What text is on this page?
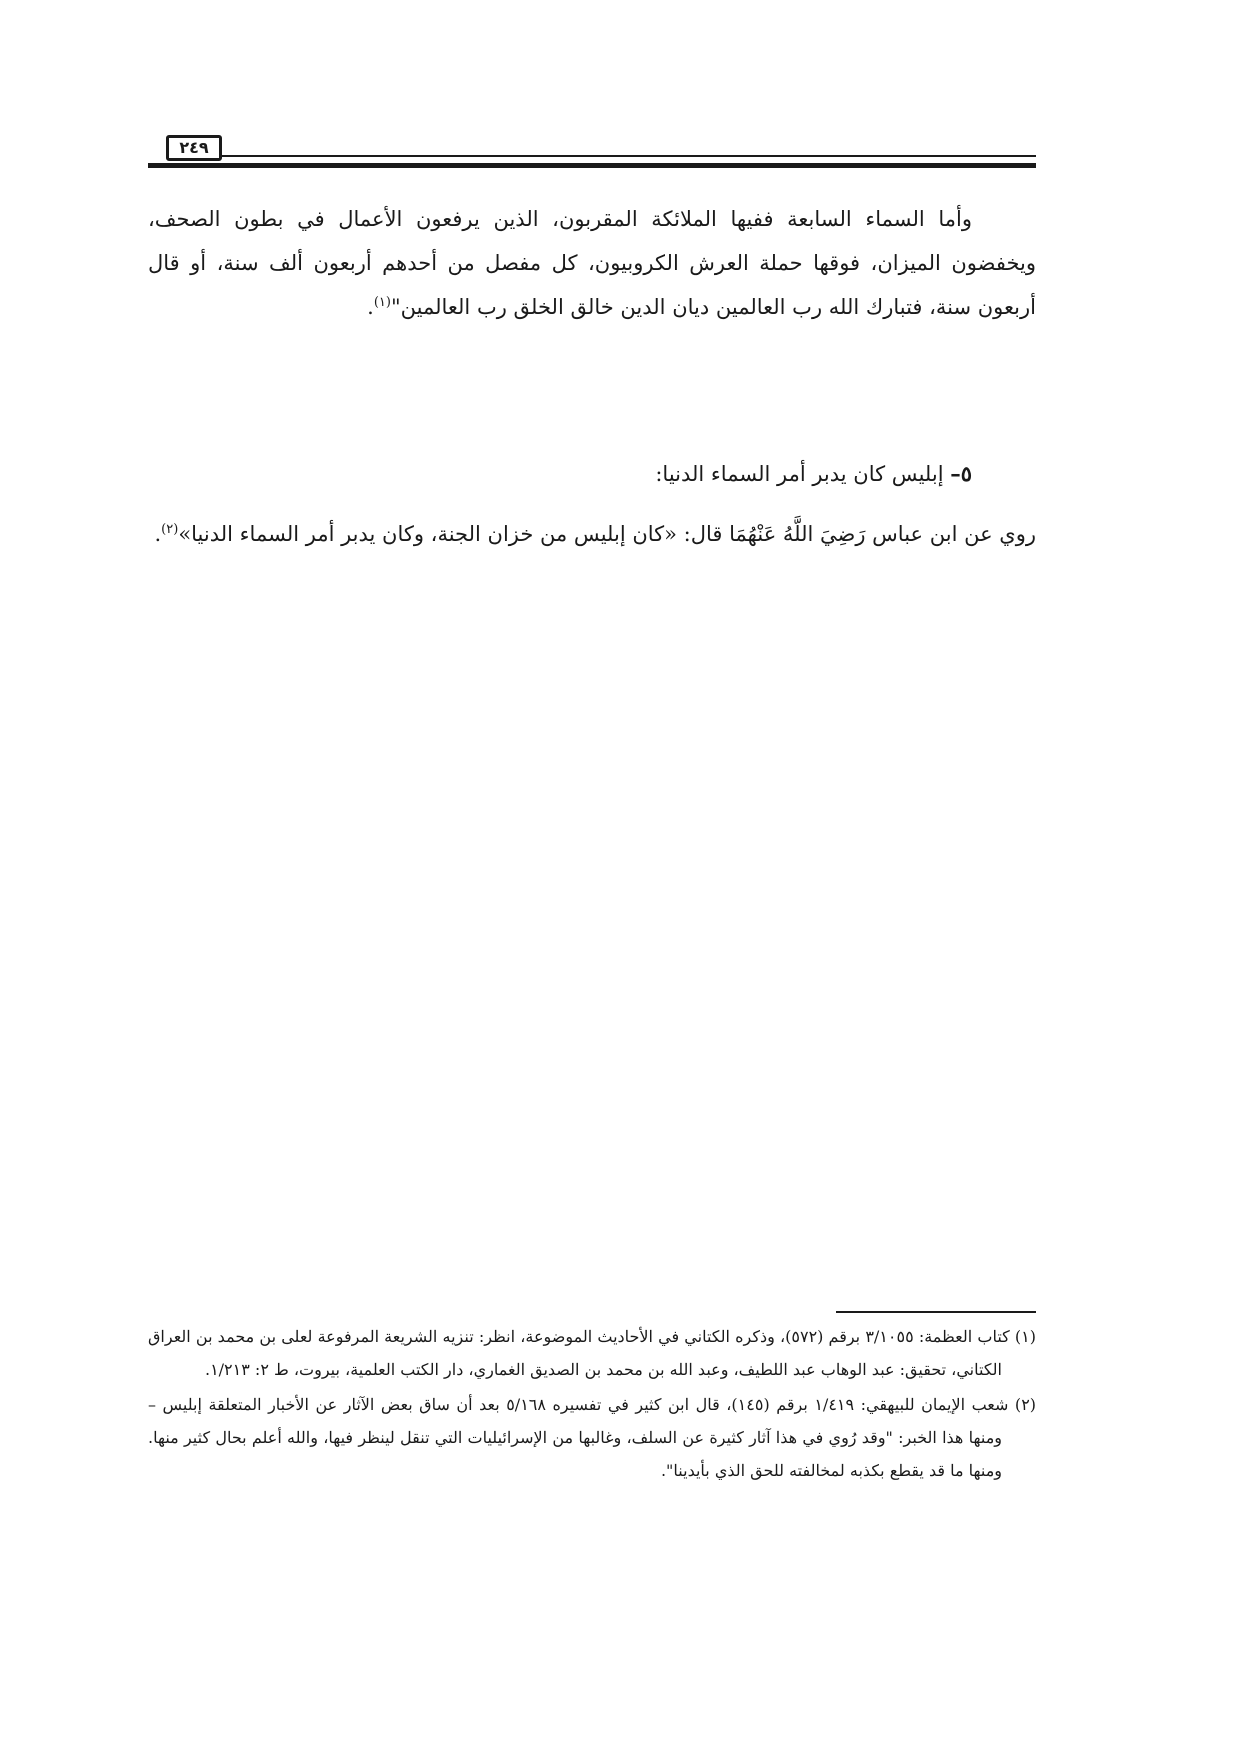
٢٤٩
وأما السماء السابعة ففيها الملائكة المقربون، الذين يرفعون الأعمال في بطون الصحف، ويخفضون الميزان، فوقها حملة العرش الكروبيون، كل مفصل من أحدهم أربعون ألف سنة، أو قال أربعون سنة، فتبارك الله رب العالمين ديان الدين خالق الخلق رب العالمين"$^{(١)}$.
٥– إبليس كان يدبر أمر السماء الدنيا:
روي عن ابن عباس رَضِيَ اللَّهُ عَنْهُمَا قال: «كان إبليس من خزان الجنة، وكان يدبر أمر السماء الدنيا»$^{(٢)}$.
(١) كتاب العظمة: ٣/١٠٥٥ برقم (٥٧٢)، وذكره الكتاني في الأحاديث الموضوعة، انظر: تنزيه الشريعة المرفوعة لعلى بن محمد بن العراق الكتاني، تحقيق: عبد الوهاب عبد اللطيف، وعبد الله بن محمد بن الصديق الغماري، دار الكتب العلمية، بيروت، ط ٢: ١/٢١٣.
(٢) شعب الإيمان للبيهقي: ١/٤١٩ برقم (١٤٥)، قال ابن كثير في تفسيره ٥/١٦٨ بعد أن ساق بعض الآثار عن الأخبار المتعلقة إبليس – ومنها هذا الخبر: "وقد رُوي في هذا آثار كثيرة عن السلف، وغالبها من الإسرائيليات التي تنقل لينظر فيها، والله أعلم بحال كثير منها. ومنها ما قد يقطع بكذبه لمخالفته للحق الذي بأيدينا".
